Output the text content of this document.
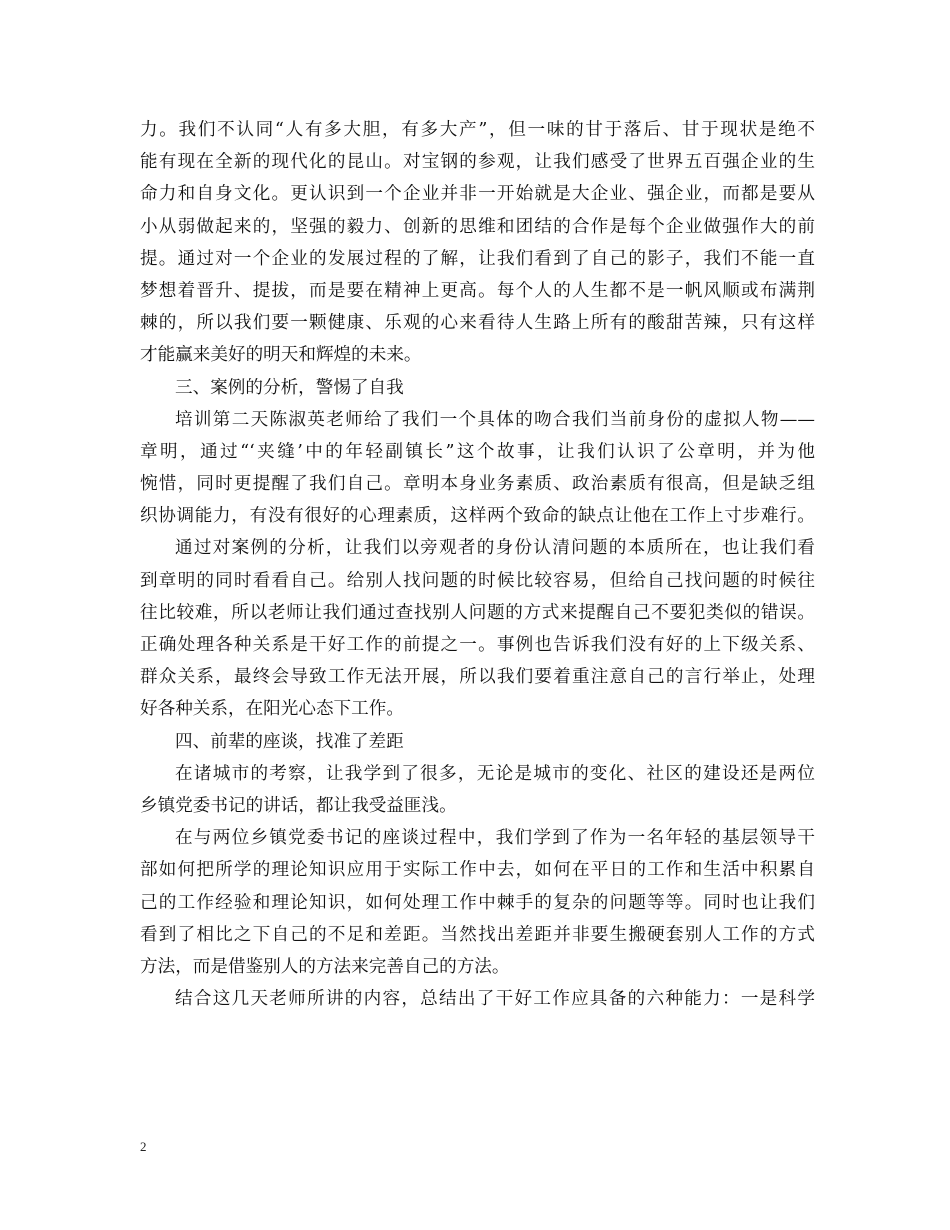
力。我们不认同“人有多大胆，有多大产”，但一味的甘于落后、甘于现状是绝不
能有现在全新的现代化的昆山。对宝钢的参观，让我们感受了世界五百强企业的生
命力和自身文化。更认识到一个企业并非一开始就是大企业、强企业，而都是要从
小从弱做起来的，坚强的毅力、创新的思维和团结的合作是每个企业做强作大的前
提。通过对一个企业的发展过程的了解，让我们看到了自己的影子，我们不能一直
梦想着晋升、提拔，而是要在精神上更高。每个人的人生都不是一帆风顺或布满荆
棘的，所以我们要一颗健康、乐观的心来看待人生路上所有的酸甜苦辣，只有这样
才能赢来美好的明天和辉煌的未来。
三、案例的分析，警惕了自我
培训第二天陈淑英老师给了我们一个具体的吻合我们当前身份的虚拟人物——
章明，通过“‘夹缝’中的年轻副镇长”这个故事，让我们认识了公章明，并为他
惋惜，同时更提醒了我们自己。章明本身业务素质、政治素质有很高，但是缺乏组
织协调能力，有没有很好的心理素质，这样两个致命的缺点让他在工作上寸步难行。
通过对案例的分析，让我们以旁观者的身份认清问题的本质所在，也让我们看
到章明的同时看看自己。给别人找问题的时候比较容易，但给自己找问题的时候往
往比较难，所以老师让我们通过查找别人问题的方式来提醒自己不要犯类似的错误。
正确处理各种关系是干好工作的前提之一。事例也告诉我们没有好的上下级关系、
群众关系，最终会导致工作无法开展，所以我们要着重注意自己的言行举止，处理
好各种关系，在阳光心态下工作。
四、前辈的座谈，找准了差距
在诸城市的考察，让我学到了很多，无论是城市的变化、社区的建设还是两位
乡镇党委书记的讲话，都让我受益匪浅。
在与两位乡镇党委书记的座谈过程中，我们学到了作为一名年轻的基层领导干
部如何把所学的理论知识应用于实际工作中去，如何在平日的工作和生活中积累自
己的工作经验和理论知识，如何处理工作中棘手的复杂的问题等等。同时也让我们
看到了相比之下自己的不足和差距。当然找出差距并非要生搬硬套别人工作的方式
方法，而是借鉴别人的方法来完善自己的方法。
结合这几天老师所讲的内容，总结出了干好工作应具备的六种能力：一是科学
2
